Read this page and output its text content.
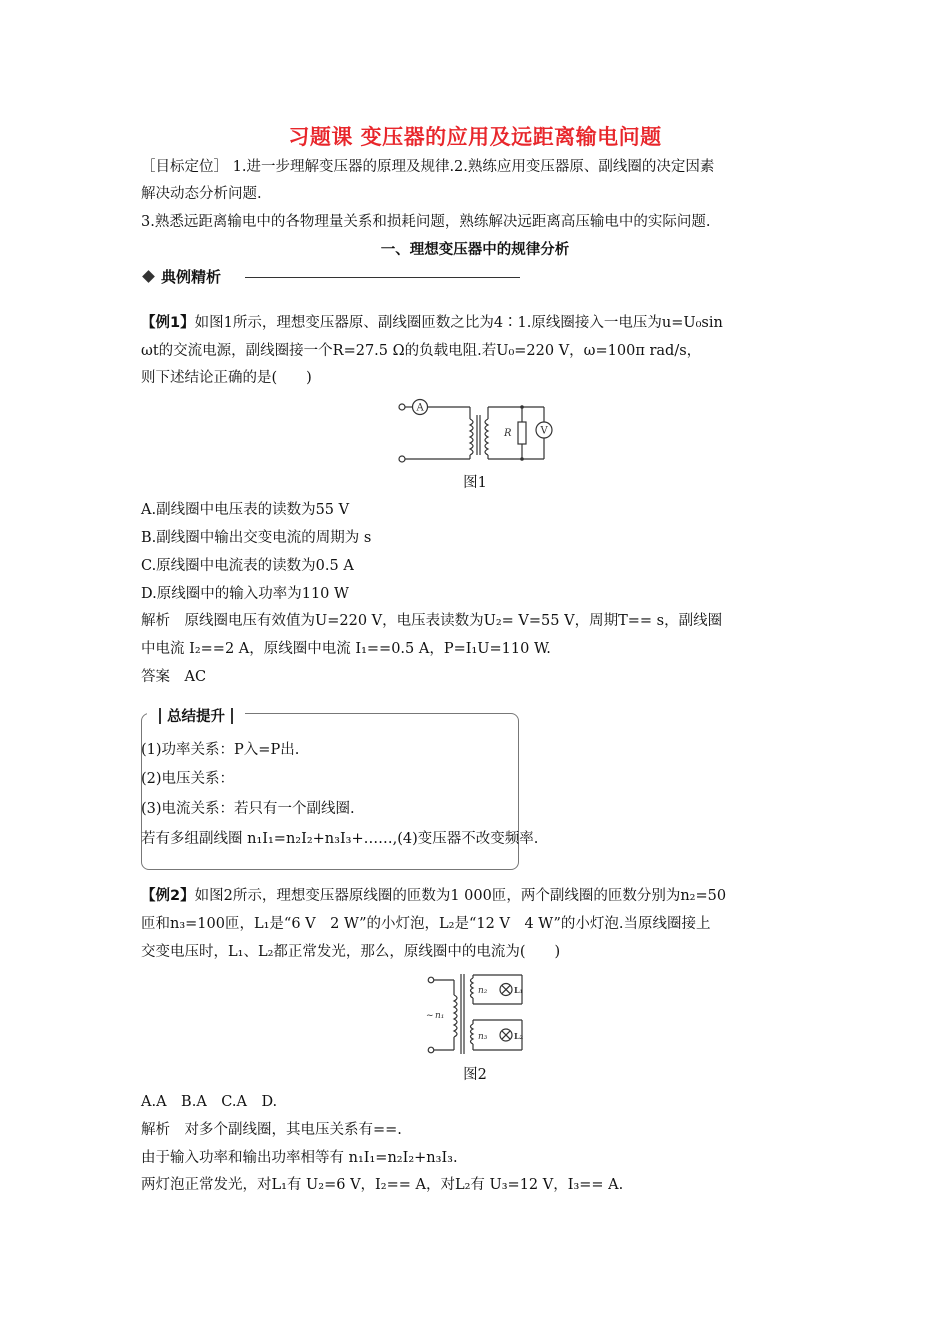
习题课 变压器的应用及远距离输电问题
［目标定位］ 1.进一步理解变压器的原理及规律.2.熟练应用变压器原、副线圈的决定因素
解决动态分析问题.
3.熟悉远距离输电中的各物理量关系和损耗问题，熟练解决远距离高压输电中的实际问题.
一、理想变压器中的规律分析
典例精析
【例1】如图1所示，理想变压器原、副线圈匝数之比为4∶1.原线圈接入一电压为u=U₀sin
ωt的交流电源，副线圈接一个R=27.5 Ω的负载电阻.若U₀=220 V，ω=100π rad/s，
则下述结论正确的是(　　)
A
R	V
图1
A.副线圈中电压表的读数为55 V
B.副线圈中输出交变电流的周期为 s
C.原线圈中电流表的读数为0.5 A
D.原线圈中的输入功率为110 W
解析　原线圈电压有效值为U=220 V，电压表读数为U₂= V=55 V，周期T== s，副线圈
中电流 I₂==2 A，原线圈中电流 I₁==0.5 A，P=I₁U=110 W.
答案　AC
总结提升
(1)功率关系：P入=P出.
(2)电压关系：
(3)电流关系：若只有一个副线圈.
若有多组副线圈 n₁I₁=n₂I₂+n₃I₃+……,(4)变压器不改变频率.
【例2】如图2所示，理想变压器原线圈的匝数为1 000匝，两个副线圈的匝数分别为n₂=50
匝和n₃=100匝，L₁是“6 V　2 W”的小灯泡，L₂是“12 V　4 W”的小灯泡.当原线圈接上
交变电压时，L₁、L₂都正常发光，那么，原线圈中的电流为(　　)
~ n₁
n₂
n₃
L₁
L₂
图2
A.A　B.A　C.A　D.
解析　对多个副线圈，其电压关系有==.
由于输入功率和输出功率相等有 n₁I₁=n₂I₂+n₃I₃.
两灯泡正常发光，对L₁有 U₂=6 V，I₂== A，对L₂有 U₃=12 V，I₃== A.
